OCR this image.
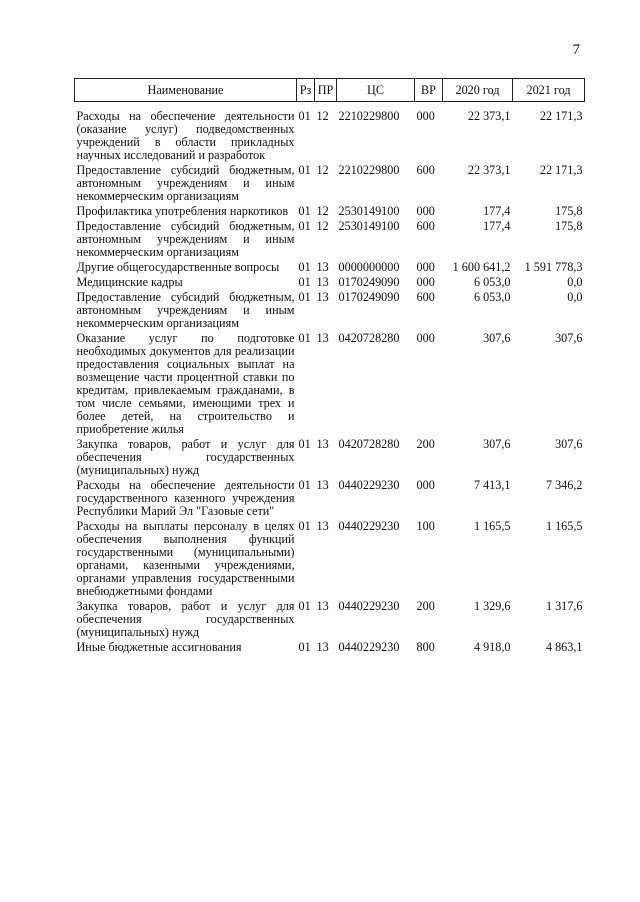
7
Наименование	Рз	ПР	ЦС	ВР	2020 год	2021 год

Расходы на обеспечение деятельности (оказание услуг) подведомственных учреждений в области прикладных научных исследований и разработок	01	12	2210229800	000	22 373,1	22 171,3
Предоставление субсидий бюджетным, автономным учреждениям и иным некоммерческим организациям	01	12	2210229800	600	22 373,1	22 171,3
Профилактика употребления наркотиков	01	12	2530149100	000	177,4	175,8
Предоставление субсидий бюджетным, автономным учреждениям и иным некоммерческим организациям	01	12	2530149100	600	177,4	175,8
Другие общегосударственные вопросы	01	13	0000000000	000	1 600 641,2	1 591 778,3
Медицинские кадры	01	13	0170249090	000	6 053,0	0,0
Предоставление субсидий бюджетным, автономным учреждениям и иным некоммерческим организациям	01	13	0170249090	600	6 053,0	0,0
Оказание услуг по подготовке необходимых документов для реализации предоставления социальных выплат на возмещение части процентной ставки по кредитам, привлекаемым гражданами, в том числе семьями, имеющими трех и более детей, на строительство и приобретение жилья	01	13	0420728280	000	307,6	307,6
Закупка товаров, работ и услуг для обеспечения государственных (муниципальных) нужд	01	13	0420728280	200	307,6	307,6
Расходы на обеспечение деятельности государственного казенного учреждения Республики Марий Эл "Газовые сети"	01	13	0440229230	000	7 413,1	7 346,2
Расходы на выплаты персоналу в целях обеспечения выполнения функций государственными (муниципальными) органами, казенными учреждениями, органами управления государственными внебюджетными фондами	01	13	0440229230	100	1 165,5	1 165,5
Закупка товаров, работ и услуг для обеспечения государственных (муниципальных) нужд	01	13	0440229230	200	1 329,6	1 317,6
Иные бюджетные ассигнования	01	13	0440229230	800	4 918,0	4 863,1
